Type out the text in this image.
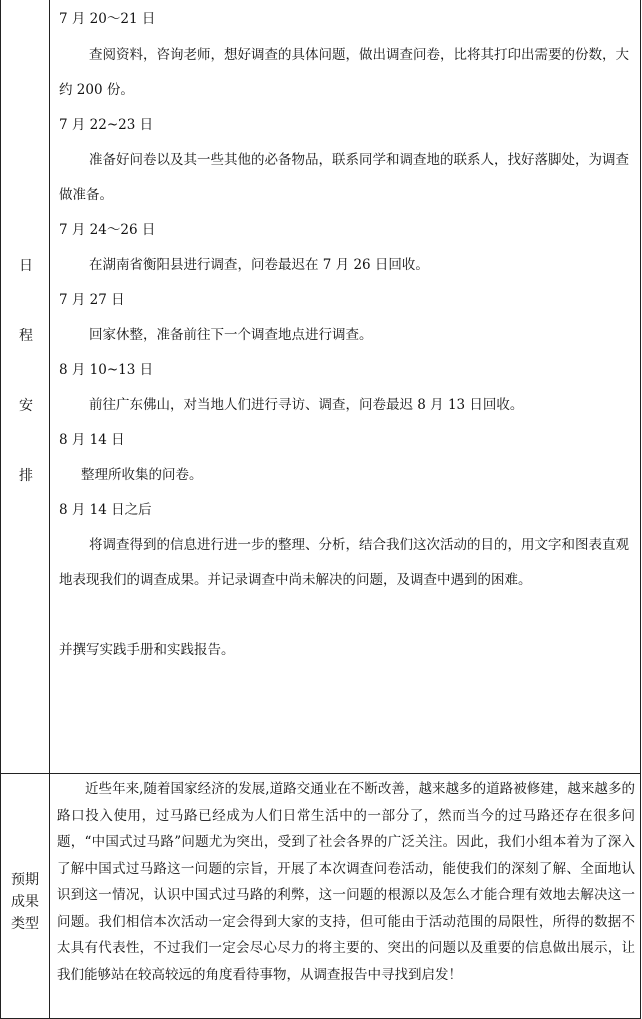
日
程
安
排
7 月 20～21 日
查阅资料，咨询老师，想好调查的具体问题，做出调查问卷，比将其打印出需要的份数，大约 200 份。
7 月 22~23 日
准备好问卷以及其一些其他的必备物品，联系同学和调查地的联系人，找好落脚处，为调查做准备。
7 月 24～26 日
在湖南省衡阳县进行调查，问卷最迟在 7 月 26 日回收。
7 月 27 日
回家休整，准备前往下一个调查地点进行调查。
8 月 10~13 日
前往广东佛山，对当地人们进行寻访、调查，问卷最迟 8 月 13 日回收。
8 月 14 日
整理所收集的问卷。
8 月 14 日之后
将调查得到的信息进行进一步的整理、分析，结合我们这次活动的目的，用文字和图表直观地表现我们的调查成果。并记录调查中尚未解决的问题，及调查中遇到的困难。
并撰写实践手册和实践报告。
预期
成果
类型
近些年来,随着国家经济的发展,道路交通业在不断改善，越来越多的道路被修建，越来越多的路口投入使用，过马路已经成为人们日常生活中的一部分了，然而当今的过马路还存在很多问题，“中国式过马路”问题尤为突出，受到了社会各界的广泛关注。因此，我们小组本着为了深入了解中国式过马路这一问题的宗旨，开展了本次调查问卷活动，能使我们的深刻了解、全面地认识到这一情况，认识中国式过马路的利弊，这一问题的根源以及怎么才能合理有效地去解决这一问题。我们相信本次活动一定会得到大家的支持，但可能由于活动范围的局限性，所得的数据不太具有代表性，不过我们一定会尽心尽力的将主要的、突出的问题以及重要的信息做出展示，让我们能够站在较高较远的角度看待事物，从调查报告中寻找到启发！
